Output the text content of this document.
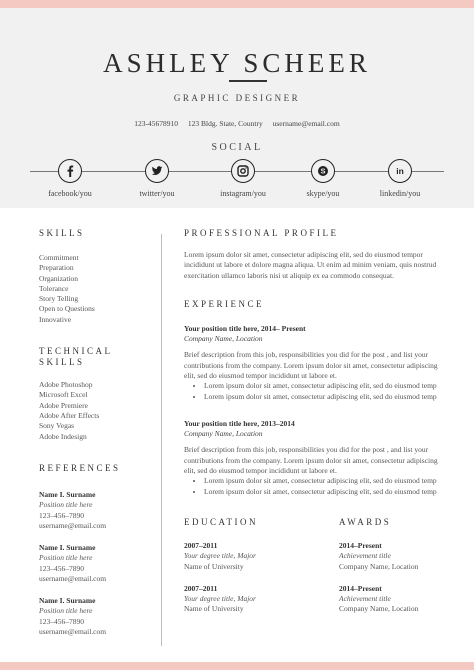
ASHLEY SCHEER
GRAPHIC DESIGNER
123-45678910 123 Bldg. State, Country username@email.com
SOCIAL
facebook/you	twitter/you	instagram/you
S
skype/you
in
linkedin/you
SKILLS
Commitment
Preparation
Organization
Tolerance
Story Telling
Open to Questions
Innovative
TECHNICAL
SKILLS
Adobe Photoshop
Microsoft Excel
Adobe Premiere
Adobe After Effects
Sony Vegas
Adobe Indesign
REFERENCES
Name I. Surname
Position title here
123–456–7890
username@email.com
Name I. Surname
Position title here
123–456–7890
username@email.com
Name I. Surname
Position title here
123–456–7890
username@email.com
PROFESSIONAL PROFILE
Lorem ipsum dolor sit amet, consectetur adipiscing elit, sed do eiusmod tempor incididunt ut labore et dolore magna aliqua. Ut enim ad minim veniam, quis nostrud exercitation ullamco laboris nisi ut aliquip ex ea commodo consequat.
EXPERIENCE
Your position title here, 2014– Present
Company Name, Location
Brief description from this job, responsibilities you did for the post , and list your contributions from the company. Lorem ipsum dolor sit amet, consectetur adipiscing elit, sed do eiusmod tempor incididunt ut labore et.
• Lorem ipsum dolor sit amet, consectetur adipiscing elit, sed do eiusmod temp
• Lorem ipsum dolor sit amet, consectetur adipiscing elit, sed do eiusmod temp
Your position title here, 2013–2014
Company Name, Location
Brief description from this job, responsibilities you did for the post , and list your contributions from the company. Lorem ipsum dolor sit amet, consectetur adipiscing elit, sed do eiusmod tempor incididunt ut labore et.
• Lorem ipsum dolor sit amet, consectetur adipiscing elit, sed do eiusmod temp
• Lorem ipsum dolor sit amet, consectetur adipiscing elit, sed do eiusmod temp
EDUCATION
2007–2011
Your degree title, Major
Name of University
2007–2011
Your degree title, Major
Name of University
AWARDS
2014–Present
Achievement title
Company Name, Location
2014–Present
Achievement title
Company Name, Location
